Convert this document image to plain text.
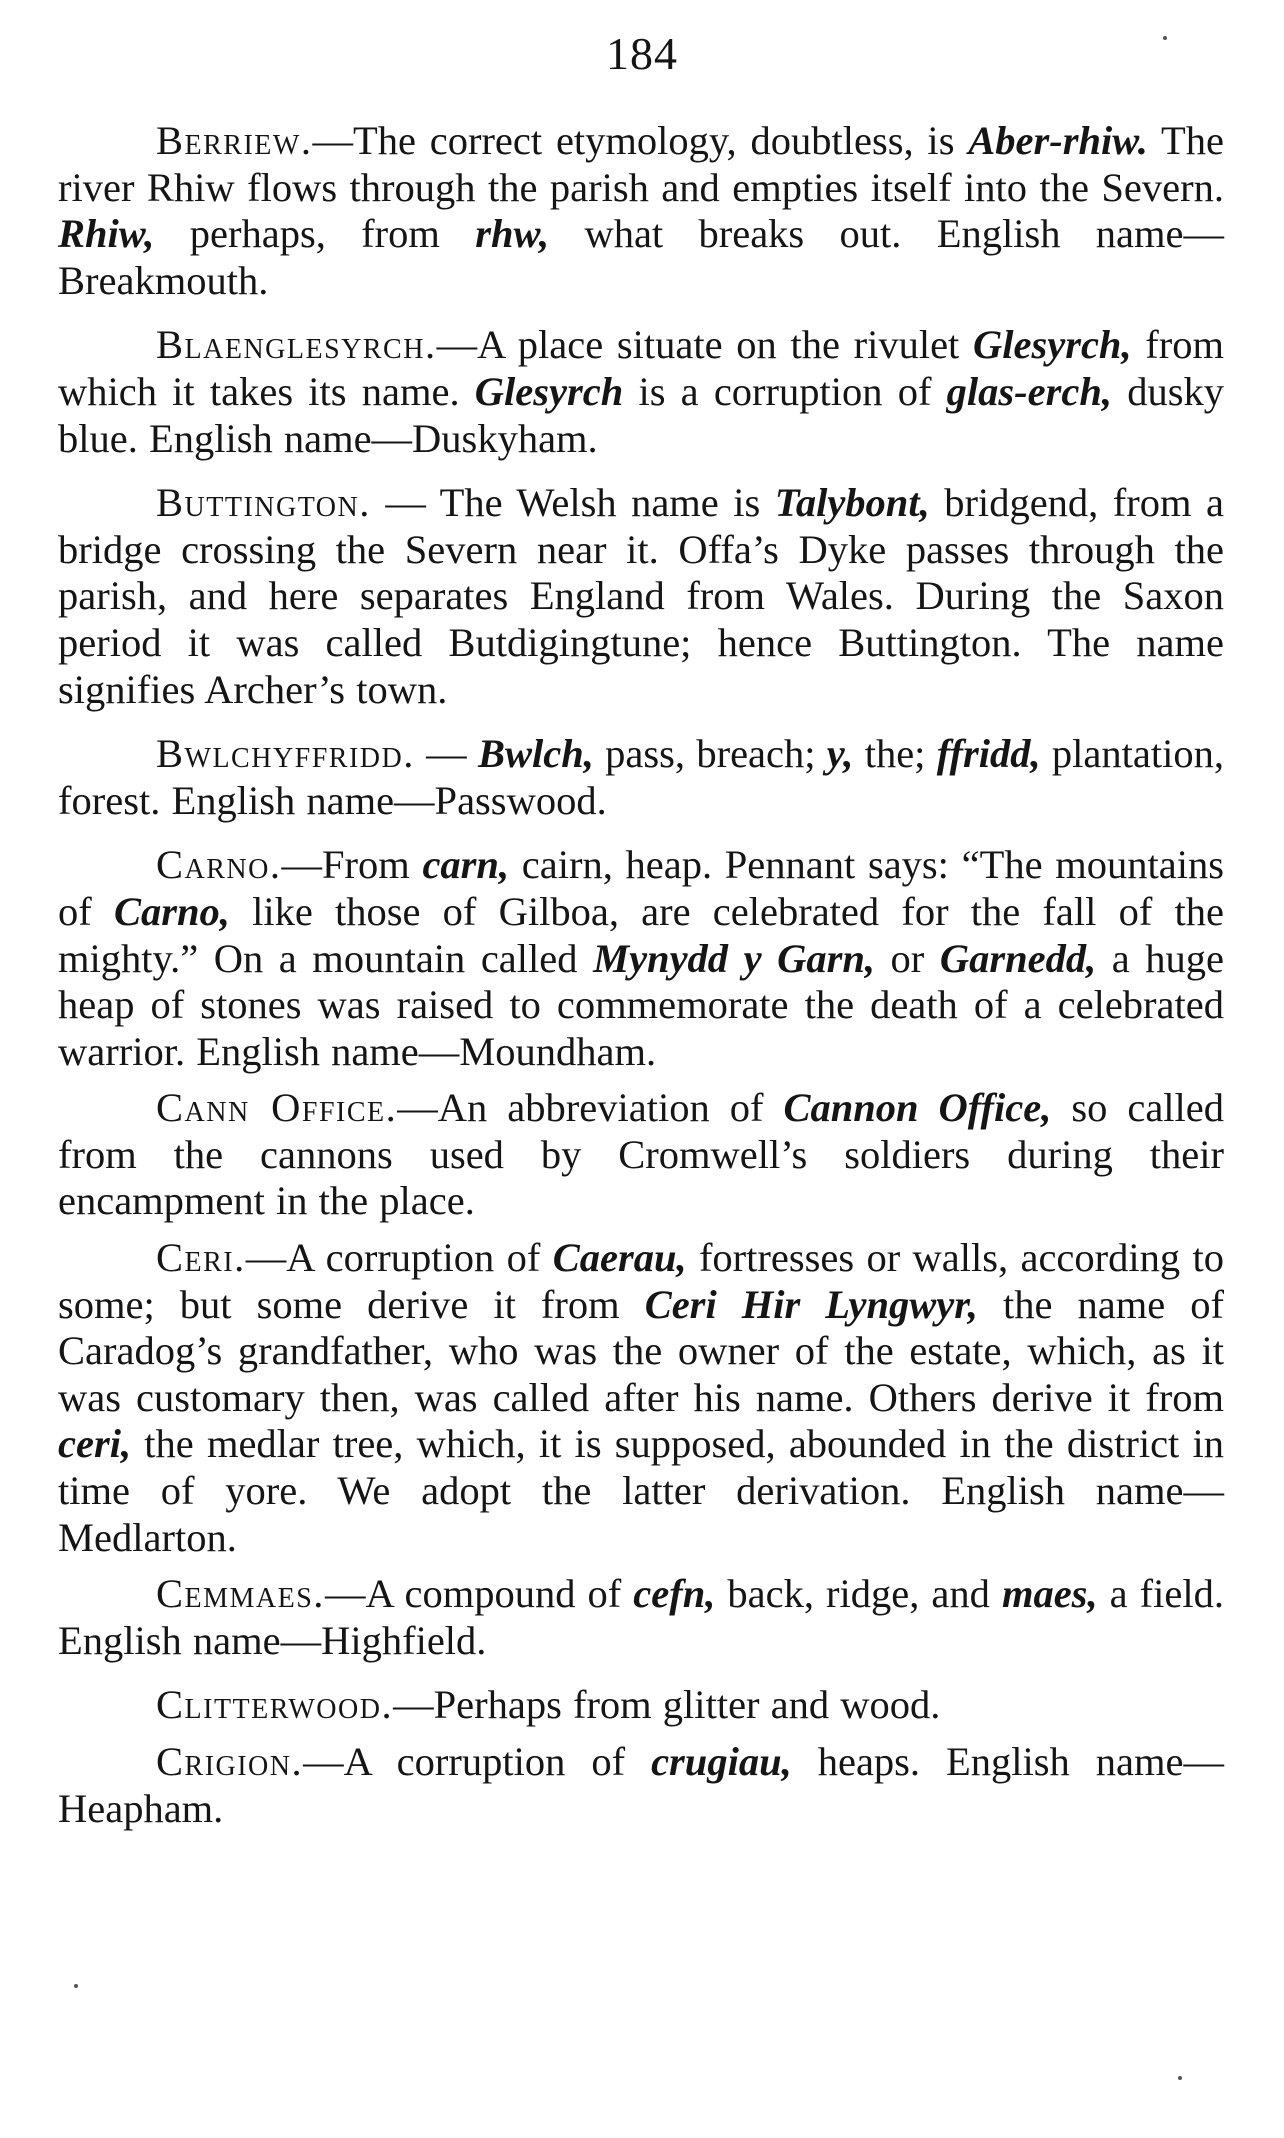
184

Berriew.—The correct etymology, doubtless, is Aber-rhiw. The river Rhiw flows through the parish and empties itself into the Severn. Rhiw, perhaps, from rhw, what breaks out. English name—Breakmouth.

Blaenglesyrch.—A place situate on the rivulet Glesyrch, from which it takes its name. Glesyrch is a corruption of glas-erch, dusky blue. English name—Duskyham.

Buttington. — The Welsh name is Talybont, bridgend, from a bridge crossing the Severn near it. Offa’s Dyke passes through the parish, and here separates England from Wales. During the Saxon period it was called Butdigingtune; hence Buttington. The name signifies Archer’s town.

Bwlchyffridd. — Bwlch, pass, breach; y, the; ffridd, plantation, forest. English name—Passwood.

Carno.—From carn, cairn, heap. Pennant says: “The mountains of Carno, like those of Gilboa, are celebrated for the fall of the mighty.” On a mountain called Mynydd y Garn, or Garnedd, a huge heap of stones was raised to commemorate the death of a celebrated warrior. English name—Moundham.

Cann Office.—An abbreviation of Cannon Office, so called from the cannons used by Cromwell’s soldiers during their encampment in the place.

Ceri.—A corruption of Caerau, fortresses or walls, according to some; but some derive it from Ceri Hir Lyngwyr, the name of Caradog’s grandfather, who was the owner of the estate, which, as it was customary then, was called after his name. Others derive it from ceri, the medlar tree, which, it is supposed, abounded in the district in time of yore. We adopt the latter derivation. English name—Medlarton.

Cemmaes.—A compound of cefn, back, ridge, and maes, a field. English name—Highfield.

Clitterwood.—Perhaps from glitter and wood.

Crigion.—A corruption of crugiau, heaps. English name—Heapham.
